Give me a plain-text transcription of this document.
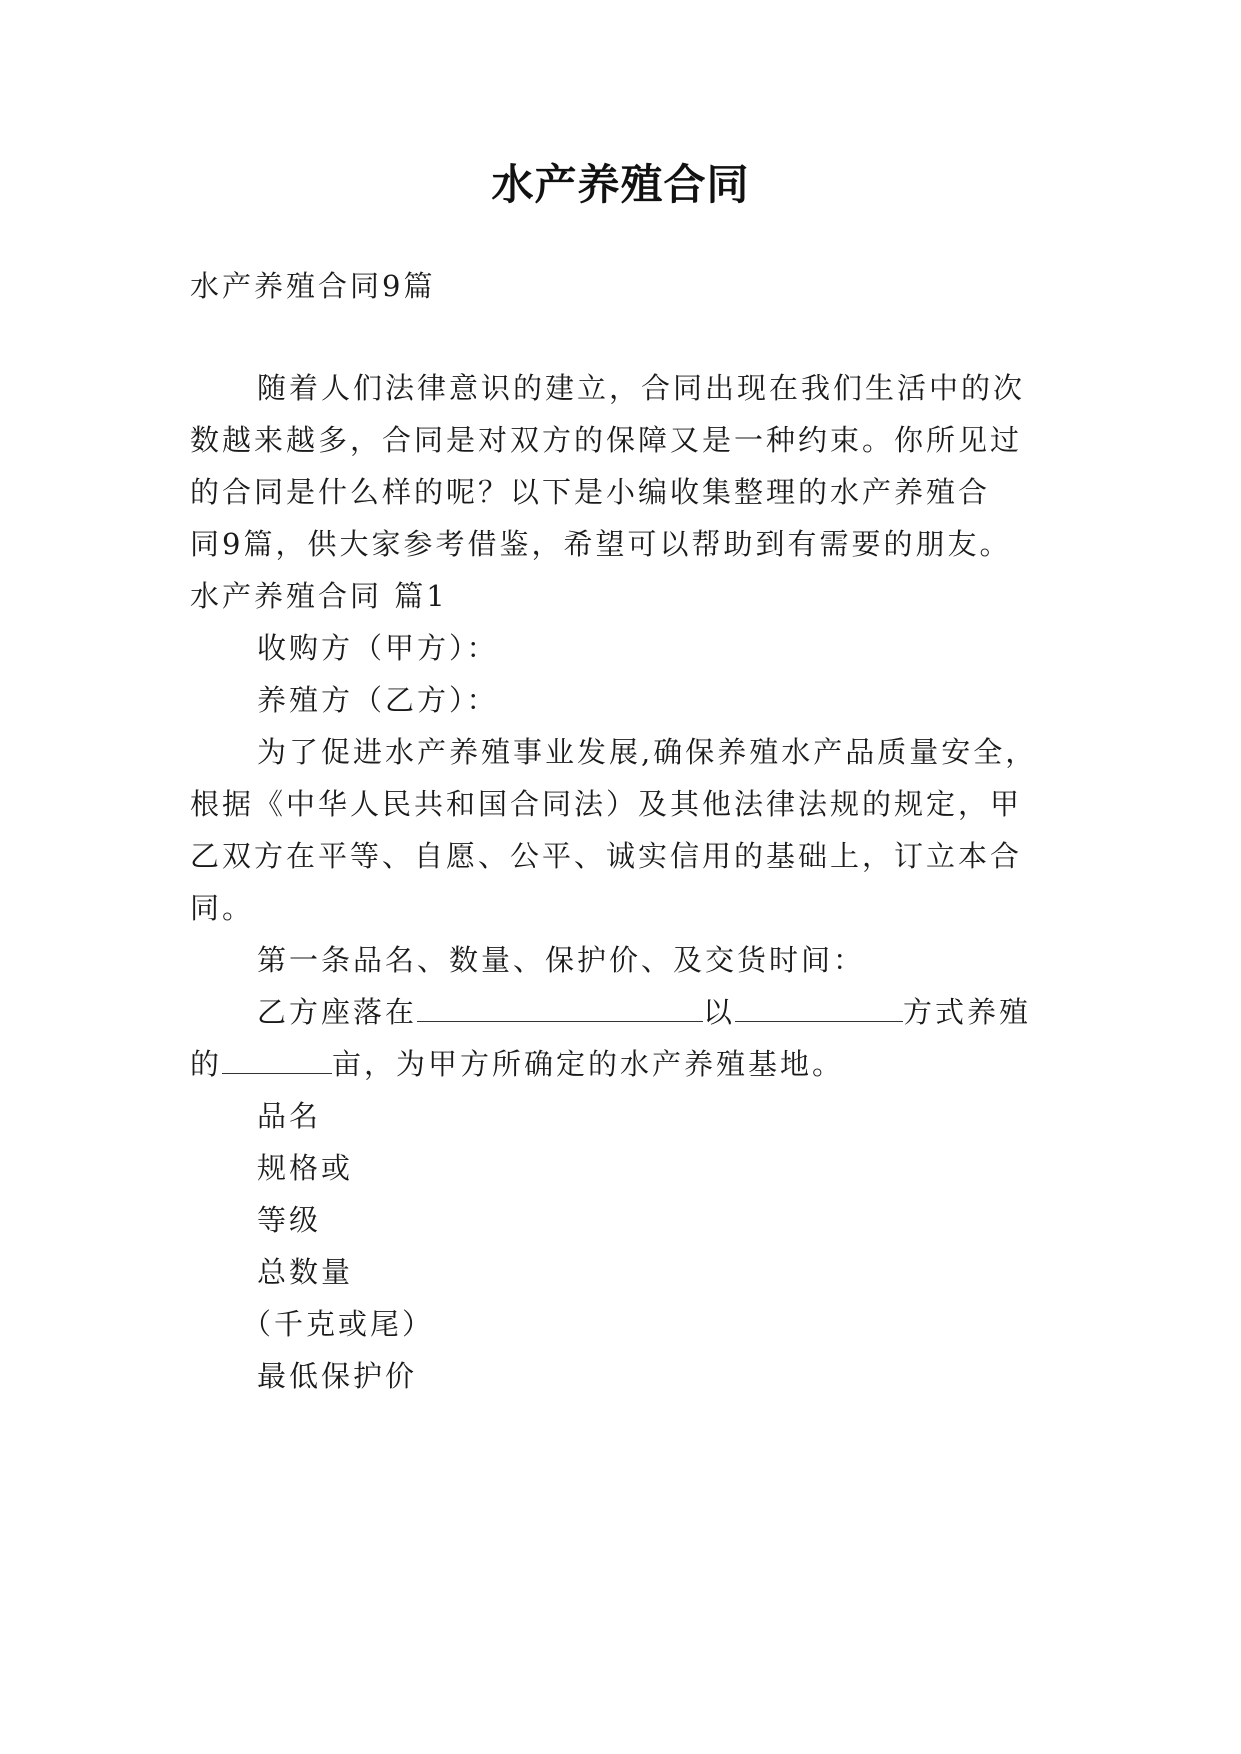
水产养殖合同
水产养殖合同9篇
随着人们法律意识的建立，合同出现在我们生活中的次
数越来越多，合同是对双方的保障又是一种约束。你所见过
的合同是什么样的呢？以下是小编收集整理的水产养殖合
同9篇，供大家参考借鉴，希望可以帮助到有需要的朋友。
水产养殖合同 篇1
收购方（甲方）：
养殖方（乙方）：
为了促进水产养殖事业发展,确保养殖水产品质量安全，
根据《中华人民共和国合同法）及其他法律法规的规定，甲
乙双方在平等、自愿、公平、诚实信用的基础上，订立本合
同。
第一条品名、数量、保护价、及交货时间：
乙方座落在	以	方式养殖
的	亩，为甲方所确定的水产养殖基地。
品名
规格或
等级
总数量
（千克或尾）
最低保护价
